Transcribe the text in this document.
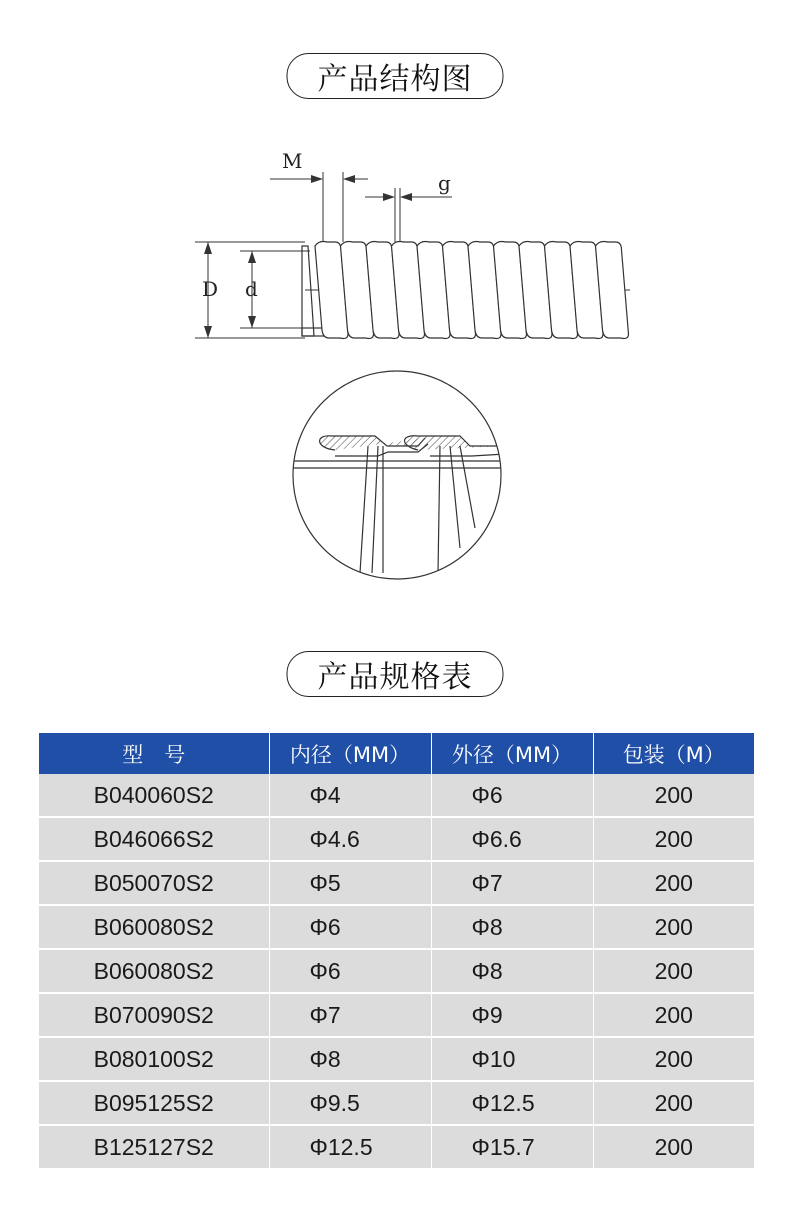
产品结构图
M
g
D d
产品规格表
型　号	内径（MM）	外径（MM）	包装（M）
B040060S2	Φ4	Φ6	200
B046066S2	Φ4.6	Φ6.6	200
B050070S2	Φ5	Φ7	200
B060080S2	Φ6	Φ8	200
B060080S2	Φ6	Φ8	200
B070090S2	Φ7	Φ9	200
B080100S2	Φ8	Φ10	200
B095125S2	Φ9.5	Φ12.5	200
B125127S2	Φ12.5	Φ15.7	200
